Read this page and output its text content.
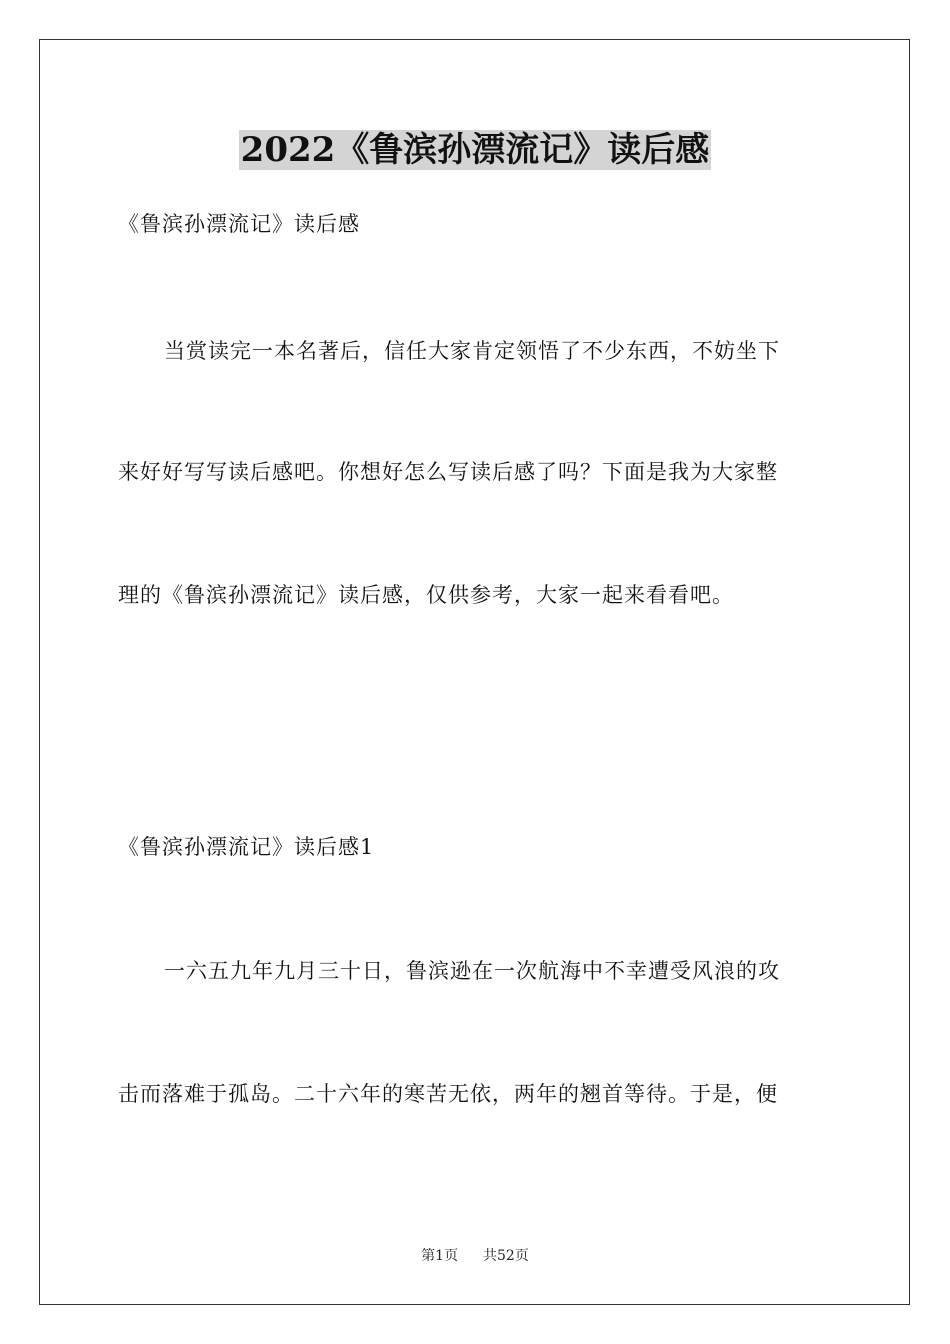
2022《鲁滨孙漂流记》读后感
《鲁滨孙漂流记》读后感
当赏读完一本名著后，信任大家肯定领悟了不少东西，不妨坐下
来好好写写读后感吧。你想好怎么写读后感了吗？下面是我为大家整
理的《鲁滨孙漂流记》读后感，仅供参考，大家一起来看看吧。
《鲁滨孙漂流记》读后感1
一六五九年九月三十日，鲁滨逊在一次航海中不幸遭受风浪的攻
击而落难于孤岛。二十六年的寒苦无依，两年的翘首等待。于是，便
第1页 共52页
